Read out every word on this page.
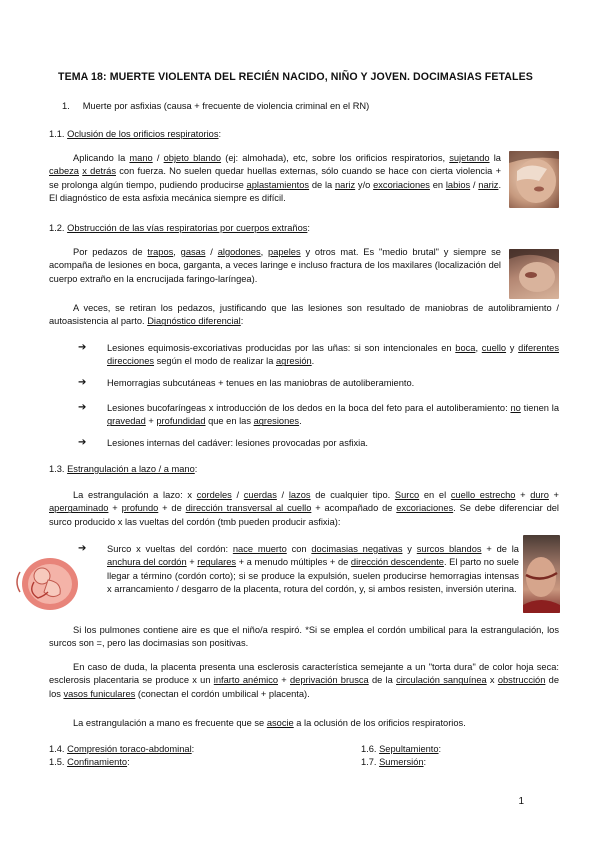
TEMA 18: MUERTE VIOLENTA DEL RECIÉN NACIDO, NIÑO Y JOVEN. DOCIMASIAS FETALES
1. Muerte por asfixias (causa + frecuente de violencia criminal en el RN)
1.1. Oclusión de los orificios respiratorios:
Aplicando la mano / objeto blando (ej: almohada), etc, sobre los orificios respiratorios, sujetando la cabeza x detrás con fuerza. No suelen quedar huellas externas, sólo cuando se hace con cierta violencia + se prolonga algún tiempo, pudiendo producirse aplastamientos de la nariz y/o excoriaciones en labios / nariz. El diagnóstico de esta asfixia mecánica siempre es difícil.
1.2. Obstrucción de las vías respiratorias por cuerpos extraños:
Por pedazos de trapos, gasas / algodones, papeles y otros mat. Es "medio brutal" y siempre se acompaña de lesiones en boca, garganta, a veces laringe e incluso fractura de los maxilares (localización del cuerpo extraño en la encrucijada faringo-laríngea).
A veces, se retiran los pedazos, justificando que las lesiones son resultado de maniobras de autolibramiento / autoasistencia al parto. Diagnóstico diferencial:
➔ Lesiones equimosis-excoriativas producidas por las uñas: si son intencionales en boca, cuello y diferentes direcciones según el modo de realizar la agresión.
➔ Hemorragias subcutáneas + tenues en las maniobras de autoliberamiento.
➔ Lesiones bucofaríngeas x introducción de los dedos en la boca del feto para el autoliberamiento: no tienen la gravedad + profundidad que en las agresiones.
➔ Lesiones internas del cadáver: lesiones provocadas por asfixia.
1.3. Estrangulación a lazo / a mano:
La estrangulación a lazo: x cordeles / cuerdas / lazos de cualquier tipo. Surco en el cuello estrecho + duro + apergaminado + profundo + de dirección transversal al cuello + acompañado de excoriaciones. Se debe diferenciar del surco producido x las vueltas del cordón (tmb pueden producir asfixia):
➔ Surco x vueltas del cordón: nace muerto con docimasias negativas y surcos blandos + de la anchura del cordón + regulares + a menudo múltiples + de dirección descendente. El parto no suele llegar a término (cordón corto); si se produce la expulsión, suelen producirse hemorragias intensas x arrancamiento / desgarro de la placenta, rotura del cordón, y, si ambos resisten, inversión uterina.
Si los pulmones contiene aire es que el niño/a respiró. *Si se emplea el cordón umbilical para la estrangulación, los surcos son =, pero las docimasias son positivas.
En caso de duda, la placenta presenta una esclerosis característica semejante a un "torta dura" de color hoja seca: esclerosis placentaria se produce x un infarto anémico + deprivación brusca de la circulación sanguínea x obstrucción de los vasos funiculares (conectan el cordón umbilical + placenta).
La estrangulación a mano es frecuente que se asocie a la oclusión de los orificios respiratorios.
1.4. Compresión toraco-abdominal:
1.5. Confinamiento:
1.6. Sepultamiento:
1.7. Sumersión:
1
